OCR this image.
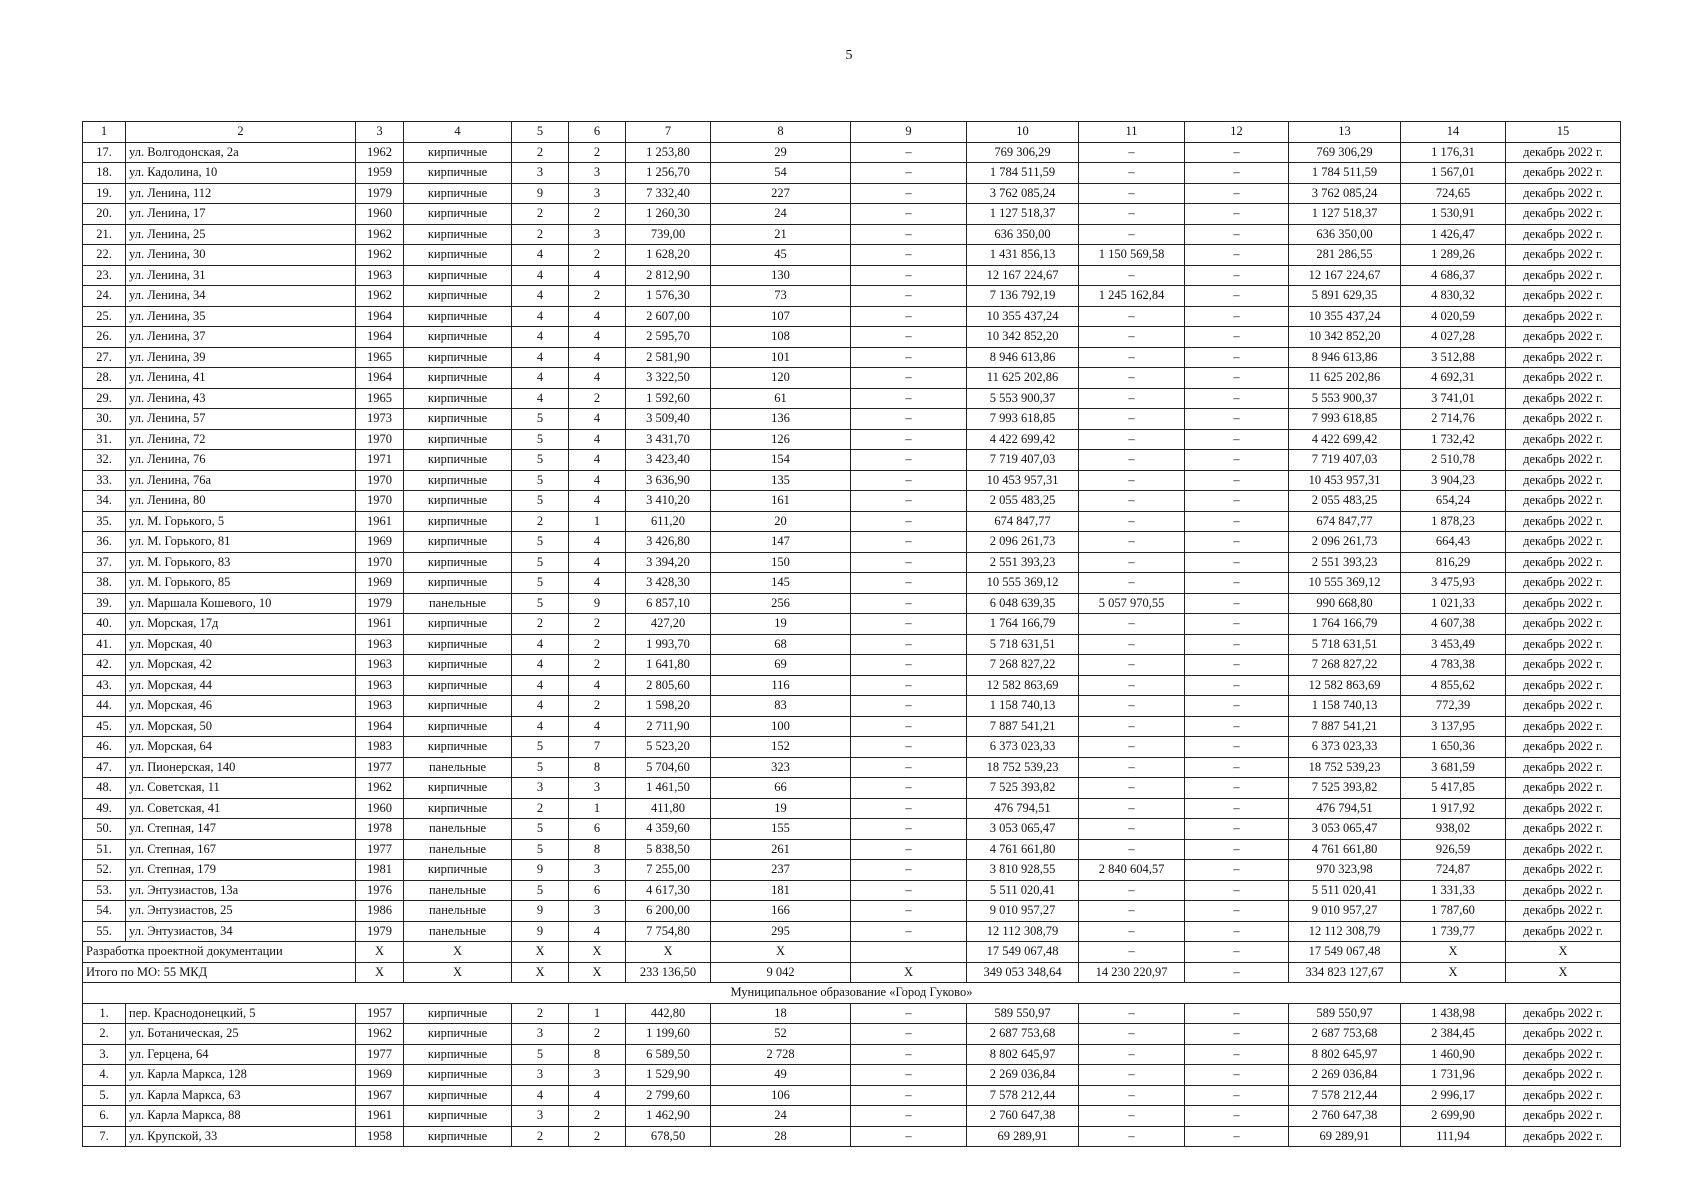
5
1	2	3	4	5	6	7	8	9	10	11	12	13	14	15
17.	ул. Волгодонская, 2а	1962	кирпичные	2	2	1 253,80	29	–	769 306,29	–	–	769 306,29	1 176,31	декабрь 2022 г.
18.	ул. Кадолина, 10	1959	кирпичные	3	3	1 256,70	54	–	1 784 511,59	–	–	1 784 511,59	1 567,01	декабрь 2022 г.
19.	ул. Ленина, 112	1979	кирпичные	9	3	7 332,40	227	–	3 762 085,24	–	–	3 762 085,24	724,65	декабрь 2022 г.
20.	ул. Ленина, 17	1960	кирпичные	2	2	1 260,30	24	–	1 127 518,37	–	–	1 127 518,37	1 530,91	декабрь 2022 г.
21.	ул. Ленина, 25	1962	кирпичные	2	3	739,00	21	–	636 350,00	–	–	636 350,00	1 426,47	декабрь 2022 г.
22.	ул. Ленина, 30	1962	кирпичные	4	2	1 628,20	45	–	1 431 856,13	1 150 569,58	–	281 286,55	1 289,26	декабрь 2022 г.
23.	ул. Ленина, 31	1963	кирпичные	4	4	2 812,90	130	–	12 167 224,67	–	–	12 167 224,67	4 686,37	декабрь 2022 г.
24.	ул. Ленина, 34	1962	кирпичные	4	2	1 576,30	73	–	7 136 792,19	1 245 162,84	–	5 891 629,35	4 830,32	декабрь 2022 г.
25.	ул. Ленина, 35	1964	кирпичные	4	4	2 607,00	107	–	10 355 437,24	–	–	10 355 437,24	4 020,59	декабрь 2022 г.
26.	ул. Ленина, 37	1964	кирпичные	4	4	2 595,70	108	–	10 342 852,20	–	–	10 342 852,20	4 027,28	декабрь 2022 г.
27.	ул. Ленина, 39	1965	кирпичные	4	4	2 581,90	101	–	8 946 613,86	–	–	8 946 613,86	3 512,88	декабрь 2022 г.
28.	ул. Ленина, 41	1964	кирпичные	4	4	3 322,50	120	–	11 625 202,86	–	–	11 625 202,86	4 692,31	декабрь 2022 г.
29.	ул. Ленина, 43	1965	кирпичные	4	2	1 592,60	61	–	5 553 900,37	–	–	5 553 900,37	3 741,01	декабрь 2022 г.
30.	ул. Ленина, 57	1973	кирпичные	5	4	3 509,40	136	–	7 993 618,85	–	–	7 993 618,85	2 714,76	декабрь 2022 г.
31.	ул. Ленина, 72	1970	кирпичные	5	4	3 431,70	126	–	4 422 699,42	–	–	4 422 699,42	1 732,42	декабрь 2022 г.
32.	ул. Ленина, 76	1971	кирпичные	5	4	3 423,40	154	–	7 719 407,03	–	–	7 719 407,03	2 510,78	декабрь 2022 г.
33.	ул. Ленина, 76а	1970	кирпичные	5	4	3 636,90	135	–	10 453 957,31	–	–	10 453 957,31	3 904,23	декабрь 2022 г.
34.	ул. Ленина, 80	1970	кирпичные	5	4	3 410,20	161	–	2 055 483,25	–	–	2 055 483,25	654,24	декабрь 2022 г.
35.	ул. М. Горького, 5	1961	кирпичные	2	1	611,20	20	–	674 847,77	–	–	674 847,77	1 878,23	декабрь 2022 г.
36.	ул. М. Горького, 81	1969	кирпичные	5	4	3 426,80	147	–	2 096 261,73	–	–	2 096 261,73	664,43	декабрь 2022 г.
37.	ул. М. Горького, 83	1970	кирпичные	5	4	3 394,20	150	–	2 551 393,23	–	–	2 551 393,23	816,29	декабрь 2022 г.
38.	ул. М. Горького, 85	1969	кирпичные	5	4	3 428,30	145	–	10 555 369,12	–	–	10 555 369,12	3 475,93	декабрь 2022 г.
39.	ул. Маршала Кошевого, 10	1979	панельные	5	9	6 857,10	256	–	6 048 639,35	5 057 970,55	–	990 668,80	1 021,33	декабрь 2022 г.
40.	ул. Морская, 17д	1961	кирпичные	2	2	427,20	19	–	1 764 166,79	–	–	1 764 166,79	4 607,38	декабрь 2022 г.
41.	ул. Морская, 40	1963	кирпичные	4	2	1 993,70	68	–	5 718 631,51	–	–	5 718 631,51	3 453,49	декабрь 2022 г.
42.	ул. Морская, 42	1963	кирпичные	4	2	1 641,80	69	–	7 268 827,22	–	–	7 268 827,22	4 783,38	декабрь 2022 г.
43.	ул. Морская, 44	1963	кирпичные	4	4	2 805,60	116	–	12 582 863,69	–	–	12 582 863,69	4 855,62	декабрь 2022 г.
44.	ул. Морская, 46	1963	кирпичные	4	2	1 598,20	83	–	1 158 740,13	–	–	1 158 740,13	772,39	декабрь 2022 г.
45.	ул. Морская, 50	1964	кирпичные	4	4	2 711,90	100	–	7 887 541,21	–	–	7 887 541,21	3 137,95	декабрь 2022 г.
46.	ул. Морская, 64	1983	кирпичные	5	7	5 523,20	152	–	6 373 023,33	–	–	6 373 023,33	1 650,36	декабрь 2022 г.
47.	ул. Пионерская, 140	1977	панельные	5	8	5 704,60	323	–	18 752 539,23	–	–	18 752 539,23	3 681,59	декабрь 2022 г.
48.	ул. Советская, 11	1962	кирпичные	3	3	1 461,50	66	–	7 525 393,82	–	–	7 525 393,82	5 417,85	декабрь 2022 г.
49.	ул. Советская, 41	1960	кирпичные	2	1	411,80	19	–	476 794,51	–	–	476 794,51	1 917,92	декабрь 2022 г.
50.	ул. Степная, 147	1978	панельные	5	6	4 359,60	155	–	3 053 065,47	–	–	3 053 065,47	938,02	декабрь 2022 г.
51.	ул. Степная, 167	1977	панельные	5	8	5 838,50	261	–	4 761 661,80	–	–	4 761 661,80	926,59	декабрь 2022 г.
52.	ул. Степная, 179	1981	кирпичные	9	3	7 255,00	237	–	3 810 928,55	2 840 604,57	–	970 323,98	724,87	декабрь 2022 г.
53.	ул. Энтузиастов, 13а	1976	панельные	5	6	4 617,30	181	–	5 511 020,41	–	–	5 511 020,41	1 331,33	декабрь 2022 г.
54.	ул. Энтузиастов, 25	1986	панельные	9	3	6 200,00	166	–	9 010 957,27	–	–	9 010 957,27	1 787,60	декабрь 2022 г.
55.	ул. Энтузиастов, 34	1979	панельные	9	4	7 754,80	295	–	12 112 308,79	–	–	12 112 308,79	1 739,77	декабрь 2022 г.
Разработка проектной документации		X	X	X	X	X	X		17 549 067,48	–	–	17 549 067,48	X	X
Итого по МО: 55 МКД		X	X	X	X	233 136,50	9 042	X	349 053 348,64	14 230 220,97	–	334 823 127,67	X	X
Муниципальное образование «Город Гуково»														
1.	пер. Краснодонецкий, 5	1957	кирпичные	2	1	442,80	18	–	589 550,97	–	–	589 550,97	1 438,98	декабрь 2022 г.
2.	ул. Ботаническая, 25	1962	кирпичные	3	2	1 199,60	52	–	2 687 753,68	–	–	2 687 753,68	2 384,45	декабрь 2022 г.
3.	ул. Герцена, 64	1977	кирпичные	5	8	6 589,50	2 728	–	8 802 645,97	–	–	8 802 645,97	1 460,90	декабрь 2022 г.
4.	ул. Карла Маркса, 128	1969	кирпичные	3	3	1 529,90	49	–	2 269 036,84	–	–	2 269 036,84	1 731,96	декабрь 2022 г.
5.	ул. Карла Маркса, 63	1967	кирпичные	4	4	2 799,60	106	–	7 578 212,44	–	–	7 578 212,44	2 996,17	декабрь 2022 г.
6.	ул. Карла Маркса, 88	1961	кирпичные	3	2	1 462,90	24	–	2 760 647,38	–	–	2 760 647,38	2 699,90	декабрь 2022 г.
7.	ул. Крупской, 33	1958	кирпичные	2	2	678,50	28	–	69 289,91	–	–	69 289,91	111,94	декабрь 2022 г.
